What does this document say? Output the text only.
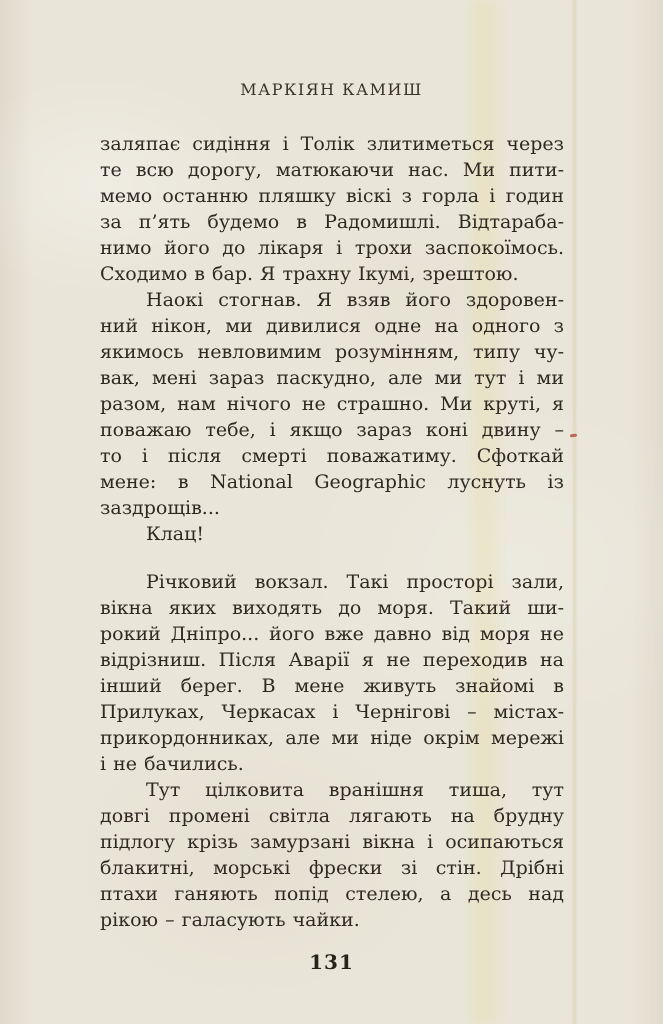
МАРКІЯН КАМИШ
заляпає сидіння і Толік злитиметься через
те всю дорогу, матюкаючи нас. Ми пити-
мемо останню пляшку віскі з горла і годин
за п’ять будемо в Радомишлі. Відтараба-
нимо його до лікаря і трохи заспокоїмось.
Сходимо в бар. Я трахну Ікумі, зрештою.
Наокі стогнав. Я взяв його здоровен-
ний нікон, ми дивилися одне на одного з
якимось невловимим розумінням, типу чу-
вак, мені зараз паскудно, але ми тут і ми
разом, нам нічого не страшно. Ми круті, я
поважаю тебе, і якщо зараз коні двину –
то і після смерті поважатиму. Сфоткай
мене: в National Geographic луснуть із
заздрощів...
Клац!
Річковий вокзал. Такі просторі зали,
вікна яких виходять до моря. Такий ши-
рокий Дніпро... його вже давно від моря не
відрізниш. Після Аварії я не переходив на
інший берег. В мене живуть знайомі в
Прилуках, Черкасах і Чернігові – містах-
прикордонниках, але ми ніде окрім мережі
і не бачились.
Тут цілковита вранішня тиша, тут
довгі промені світла лягають на брудну
підлогу крізь замурзані вікна і осипаються
блакитні, морські фрески зі стін. Дрібні
птахи ганяють попід стелею, а десь над
рікою – галасують чайки.
131
